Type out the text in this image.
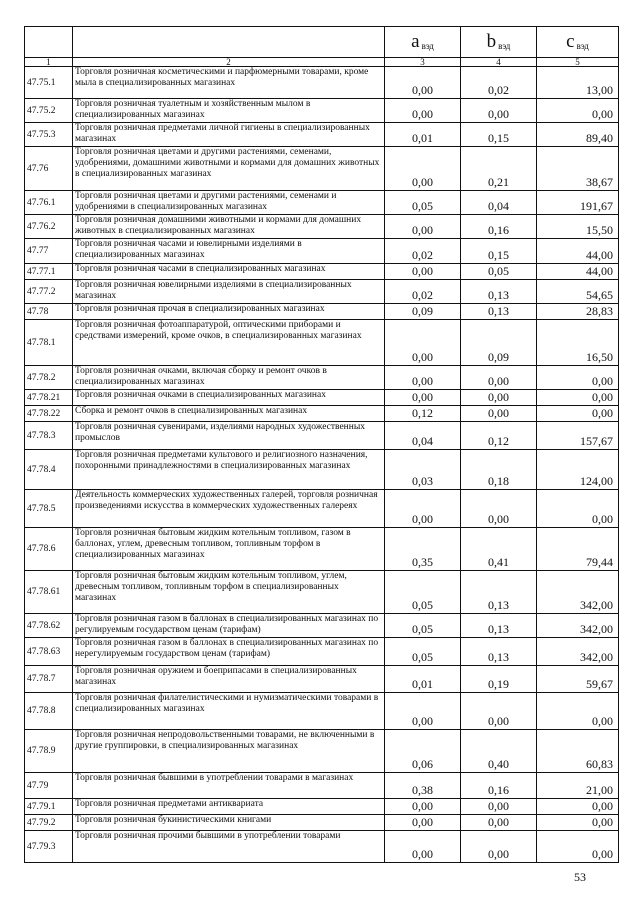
		a $_{вэд}$	b $_{вэд}$	c $_{вэд}$
1	2	3	4	5
47.75.1	Торговля розничная косметическими и парфюмерными товарами, кроме мыла в специализированных магазинах	0,00	0,02	13,00
47.75.2	Торговля розничная туалетным и хозяйственным мылом в специализированных магазинах	0,00	0,00	0,00
47.75.3	Торговля розничная предметами личной гигиены в специализированных магазинах	0,01	0,15	89,40
47.76	Торговля розничная цветами и другими растениями, семенами, удобрениями, домашними животными и кормами для домашних животных в специализированных магазинах	0,00	0,21	38,67
47.76.1	Торговля розничная цветами и другими растениями, семенами и удобрениями в специализированных магазинах	0,05	0,04	191,67
47.76.2	Торговля розничная домашними животными и кормами для домашних животных в специализированных магазинах	0,00	0,16	15,50
47.77	Торговля розничная часами и ювелирными изделиями в специализированных магазинах	0,02	0,15	44,00
47.77.1	Торговля розничная часами в специализированных магазинах	0,00	0,05	44,00
47.77.2	Торговля розничная ювелирными изделиями в специализированных магазинах	0,02	0,13	54,65
47.78	Торговля розничная прочая в специализированных магазинах	0,09	0,13	28,83
47.78.1	Торговля розничная фотоаппаратурой, оптическими приборами и средствами измерений, кроме очков, в специализированных магазинах	0,00	0,09	16,50
47.78.2	Торговля розничная очками, включая сборку и ремонт очков в специализированных магазинах	0,00	0,00	0,00
47.78.21	Торговля розничная очками в специализированных магазинах	0,00	0,00	0,00
47.78.22	Сборка и ремонт очков в специализированных магазинах	0,12	0,00	0,00
47.78.3	Торговля розничная сувенирами, изделиями народных художественных промыслов	0,04	0,12	157,67
47.78.4	Торговля розничная предметами культового и религиозного назначения, похоронными принадлежностями в специализированных магазинах	0,03	0,18	124,00
47.78.5	Деятельность коммерческих художественных галерей, торговля розничная произведениями искусства в коммерческих художественных галереях	0,00	0,00	0,00
47.78.6	Торговля розничная бытовым жидким котельным топливом, газом в баллонах, углем, древесным топливом, топливным торфом в специализированных магазинах	0,35	0,41	79,44
47.78.61	Торговля розничная бытовым жидким котельным топливом, углем, древесным топливом, топливным торфом в специализированных магазинах	0,05	0,13	342,00
47.78.62	Торговля розничная газом в баллонах в специализированных магазинах по регулируемым государством ценам (тарифам)	0,05	0,13	342,00
47.78.63	Торговля розничная газом в баллонах в специализированных магазинах по нерегулируемым государством ценам (тарифам)	0,05	0,13	342,00
47.78.7	Торговля розничная оружием и боеприпасами в специализированных магазинах	0,01	0,19	59,67
47.78.8	Торговля розничная филателистическими и нумизматическими товарами в специализированных магазинах	0,00	0,00	0,00
47.78.9	Торговля розничная непродовольственными товарами, не включенными в другие группировки, в специализированных магазинах	0,06	0,40	60,83
47.79	Торговля розничная бывшими в употреблении товарами в магазинах	0,38	0,16	21,00
47.79.1	Торговля розничная предметами антиквариата	0,00	0,00	0,00
47.79.2	Торговля розничная букинистическими книгами	0,00	0,00	0,00
47.79.3	Торговля розничная прочими бывшими в употреблении товарами	0,00	0,00	0,00
53
